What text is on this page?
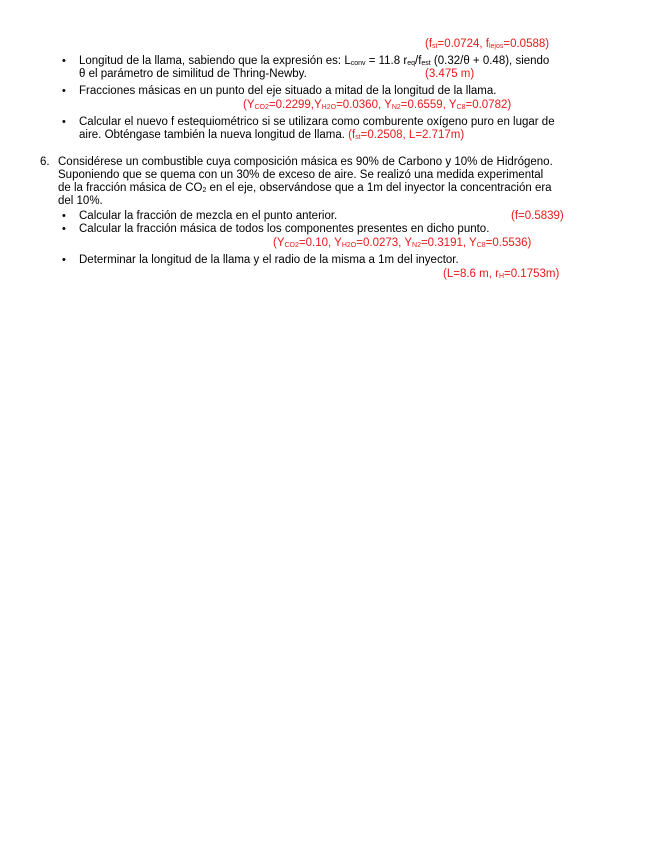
($f_{st}=0.0724$, $f_{lejos}=0.0588$)
• Longitud de la llama, sabiendo que la expresión es: $L_{conv} = 11.8$ $r_{eq}/f_{est}$ (0.32/θ + 0.48), siendo
θ el parámetro de similitud de Thring-Newby.	(3.475 m)
• Fracciones másicas en un punto del eje situado a mitad de la longitud de la llama.
($Y_{CO2}=0.2299,Y_{H2O}=0.0360$, $Y_{N2}=0.6559$, $Y_{C8}=0.0782$)
• Calcular el nuevo f estequiométrico si se utilizara como comburente oxígeno puro en lugar de
aire. Obténgase también la nueva longitud de llama. ($f_{st}=0.2508$, L=2.717m)
6. Considérese un combustible cuya composición másica es 90% de Carbono y 10% de Hidrógeno.
Suponiendo que se quema con un 30% de exceso de aire. Se realizó una medida experimental
de la fracción másica de $CO_2$ en el eje, observándose que a 1m del inyector la concentración era
del 10%.
• Calcular la fracción de mezcla en el punto anterior.	(f=0.5839)
• Calcular la fracción másica de todos los componentes presentes en dicho punto.
($Y_{CO2}=0.10$, $Y_{H2O}=0.0273$, $Y_{N2}=0.3191$, $Y_{C8}=0.5536$)
• Determinar la longitud de la llama y el radio de la misma a 1m del inyector.
(L=8.6 m, $r_H=0.1753m$)
